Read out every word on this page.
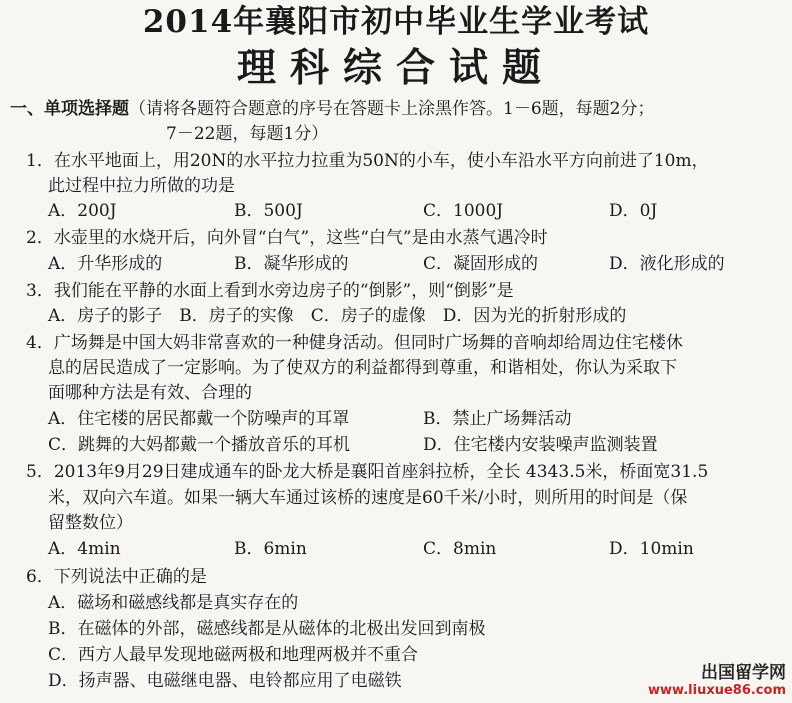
2014年襄阳市初中毕业生学业考试
理科综合试题
一、单项选择题（请将各题符合题意的序号在答题卡上涂黑作答。1－6题，每题2分；
7－22题，每题1分）
1．在水平地面上，用20N的水平拉力拉重为50N的小车，使小车沿水平方向前进了10m，
此过程中拉力所做的功是
A．200J	B．500J	C．1000J	D．0J
2．水壶里的水烧开后，向外冒“白气”，这些“白气”是由水蒸气遇冷时
A．升华形成的	B．凝华形成的	C．凝固形成的	D．液化形成的
3．我们能在平静的水面上看到水旁边房子的“倒影”，则“倒影”是
A．房子的影子　B．房子的实像　C．房子的虚像　D．因为光的折射形成的
4．广场舞是中国大妈非常喜欢的一种健身活动。但同时广场舞的音响却给周边住宅楼休
息的居民造成了一定影响。为了使双方的利益都得到尊重，和谐相处，你认为采取下
面哪种方法是有效、合理的
A．住宅楼的居民都戴一个防噪声的耳罩	B．禁止广场舞活动
C．跳舞的大妈都戴一个播放音乐的耳机	D．住宅楼内安装噪声监测装置
5．2013年9月29日建成通车的卧龙大桥是襄阳首座斜拉桥，全长 4343.5米，桥面宽31.5
米，双向六车道。如果一辆大车通过该桥的速度是60千米/小时，则所用的时间是（保
留整数位）
A．4min	B．6min	C．8min	D．10min
6．下列说法中正确的是
A．磁场和磁感线都是真实存在的
B．在磁体的外部，磁感线都是从磁体的北极出发回到南极
C．西方人最早发现地磁两极和地理两极并不重合
D．扬声器、电磁继电器、电铃都应用了电磁铁	出国留学网
www.liuxue86.com
